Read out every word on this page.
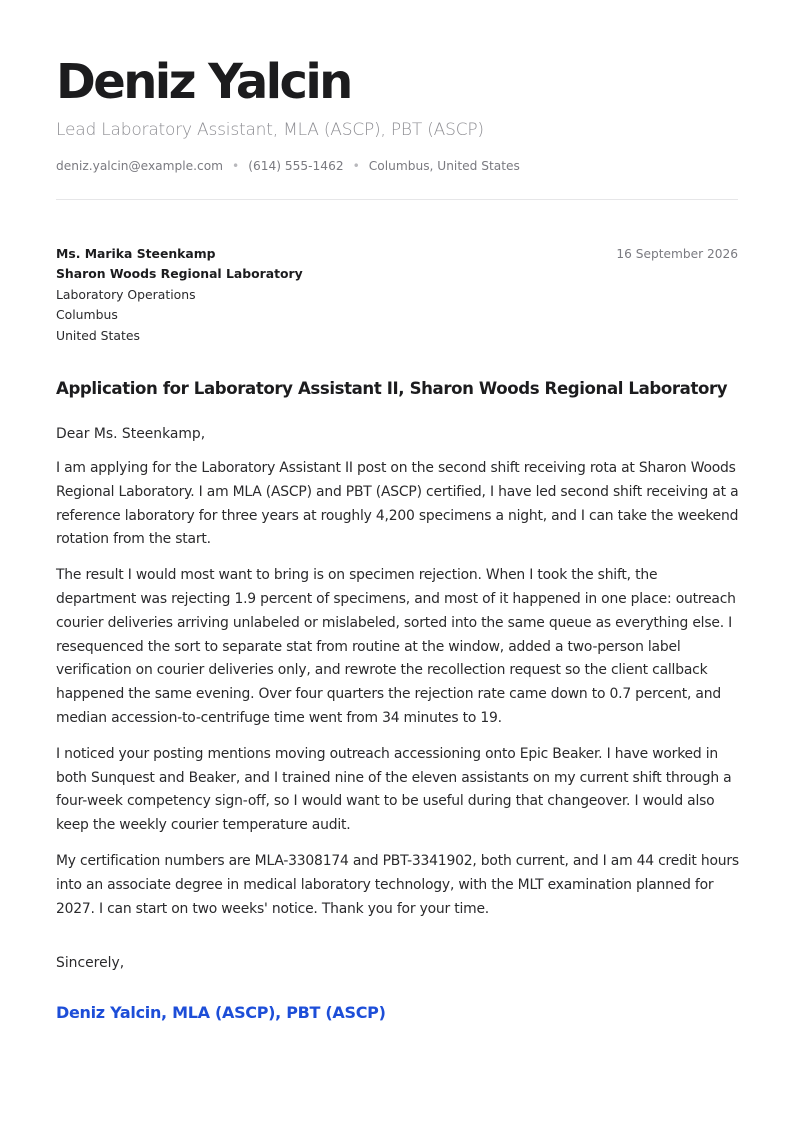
Deniz Yalcin
Lead Laboratory Assistant, MLA (ASCP), PBT (ASCP)
deniz.yalcin@example.com • (614) 555-1462 • Columbus, United States
Ms. Marika Steenkamp
Sharon Woods Regional Laboratory
Laboratory Operations
Columbus
United States
16 September 2026
Application for Laboratory Assistant II, Sharon Woods Regional Laboratory
Dear Ms. Steenkamp,

I am applying for the Laboratory Assistant II post on the second shift receiving rota at Sharon Woods Regional Laboratory. I am MLA (ASCP) and PBT (ASCP) certified, I have led second shift receiving at a reference laboratory for three years at roughly 4,200 specimens a night, and I can take the weekend rotation from the start.

The result I would most want to bring is on specimen rejection. When I took the shift, the department was rejecting 1.9 percent of specimens, and most of it happened in one place: outreach courier deliveries arriving unlabeled or mislabeled, sorted into the same queue as everything else. I resequenced the sort to separate stat from routine at the window, added a two-person label verification on courier deliveries only, and rewrote the recollection request so the client callback happened the same evening. Over four quarters the rejection rate came down to 0.7 percent, and median accession-to-centrifuge time went from 34 minutes to 19.

I noticed your posting mentions moving outreach accessioning onto Epic Beaker. I have worked in both Sunquest and Beaker, and I trained nine of the eleven assistants on my current shift through a four-week competency sign-off, so I would want to be useful during that changeover. I would also keep the weekly courier temperature audit.

My certification numbers are MLA-3308174 and PBT-3341902, both current, and I am 44 credit hours into an associate degree in medical laboratory technology, with the MLT examination planned for 2027. I can start on two weeks' notice. Thank you for your time.

Sincerely,
Deniz Yalcin, MLA (ASCP), PBT (ASCP)
